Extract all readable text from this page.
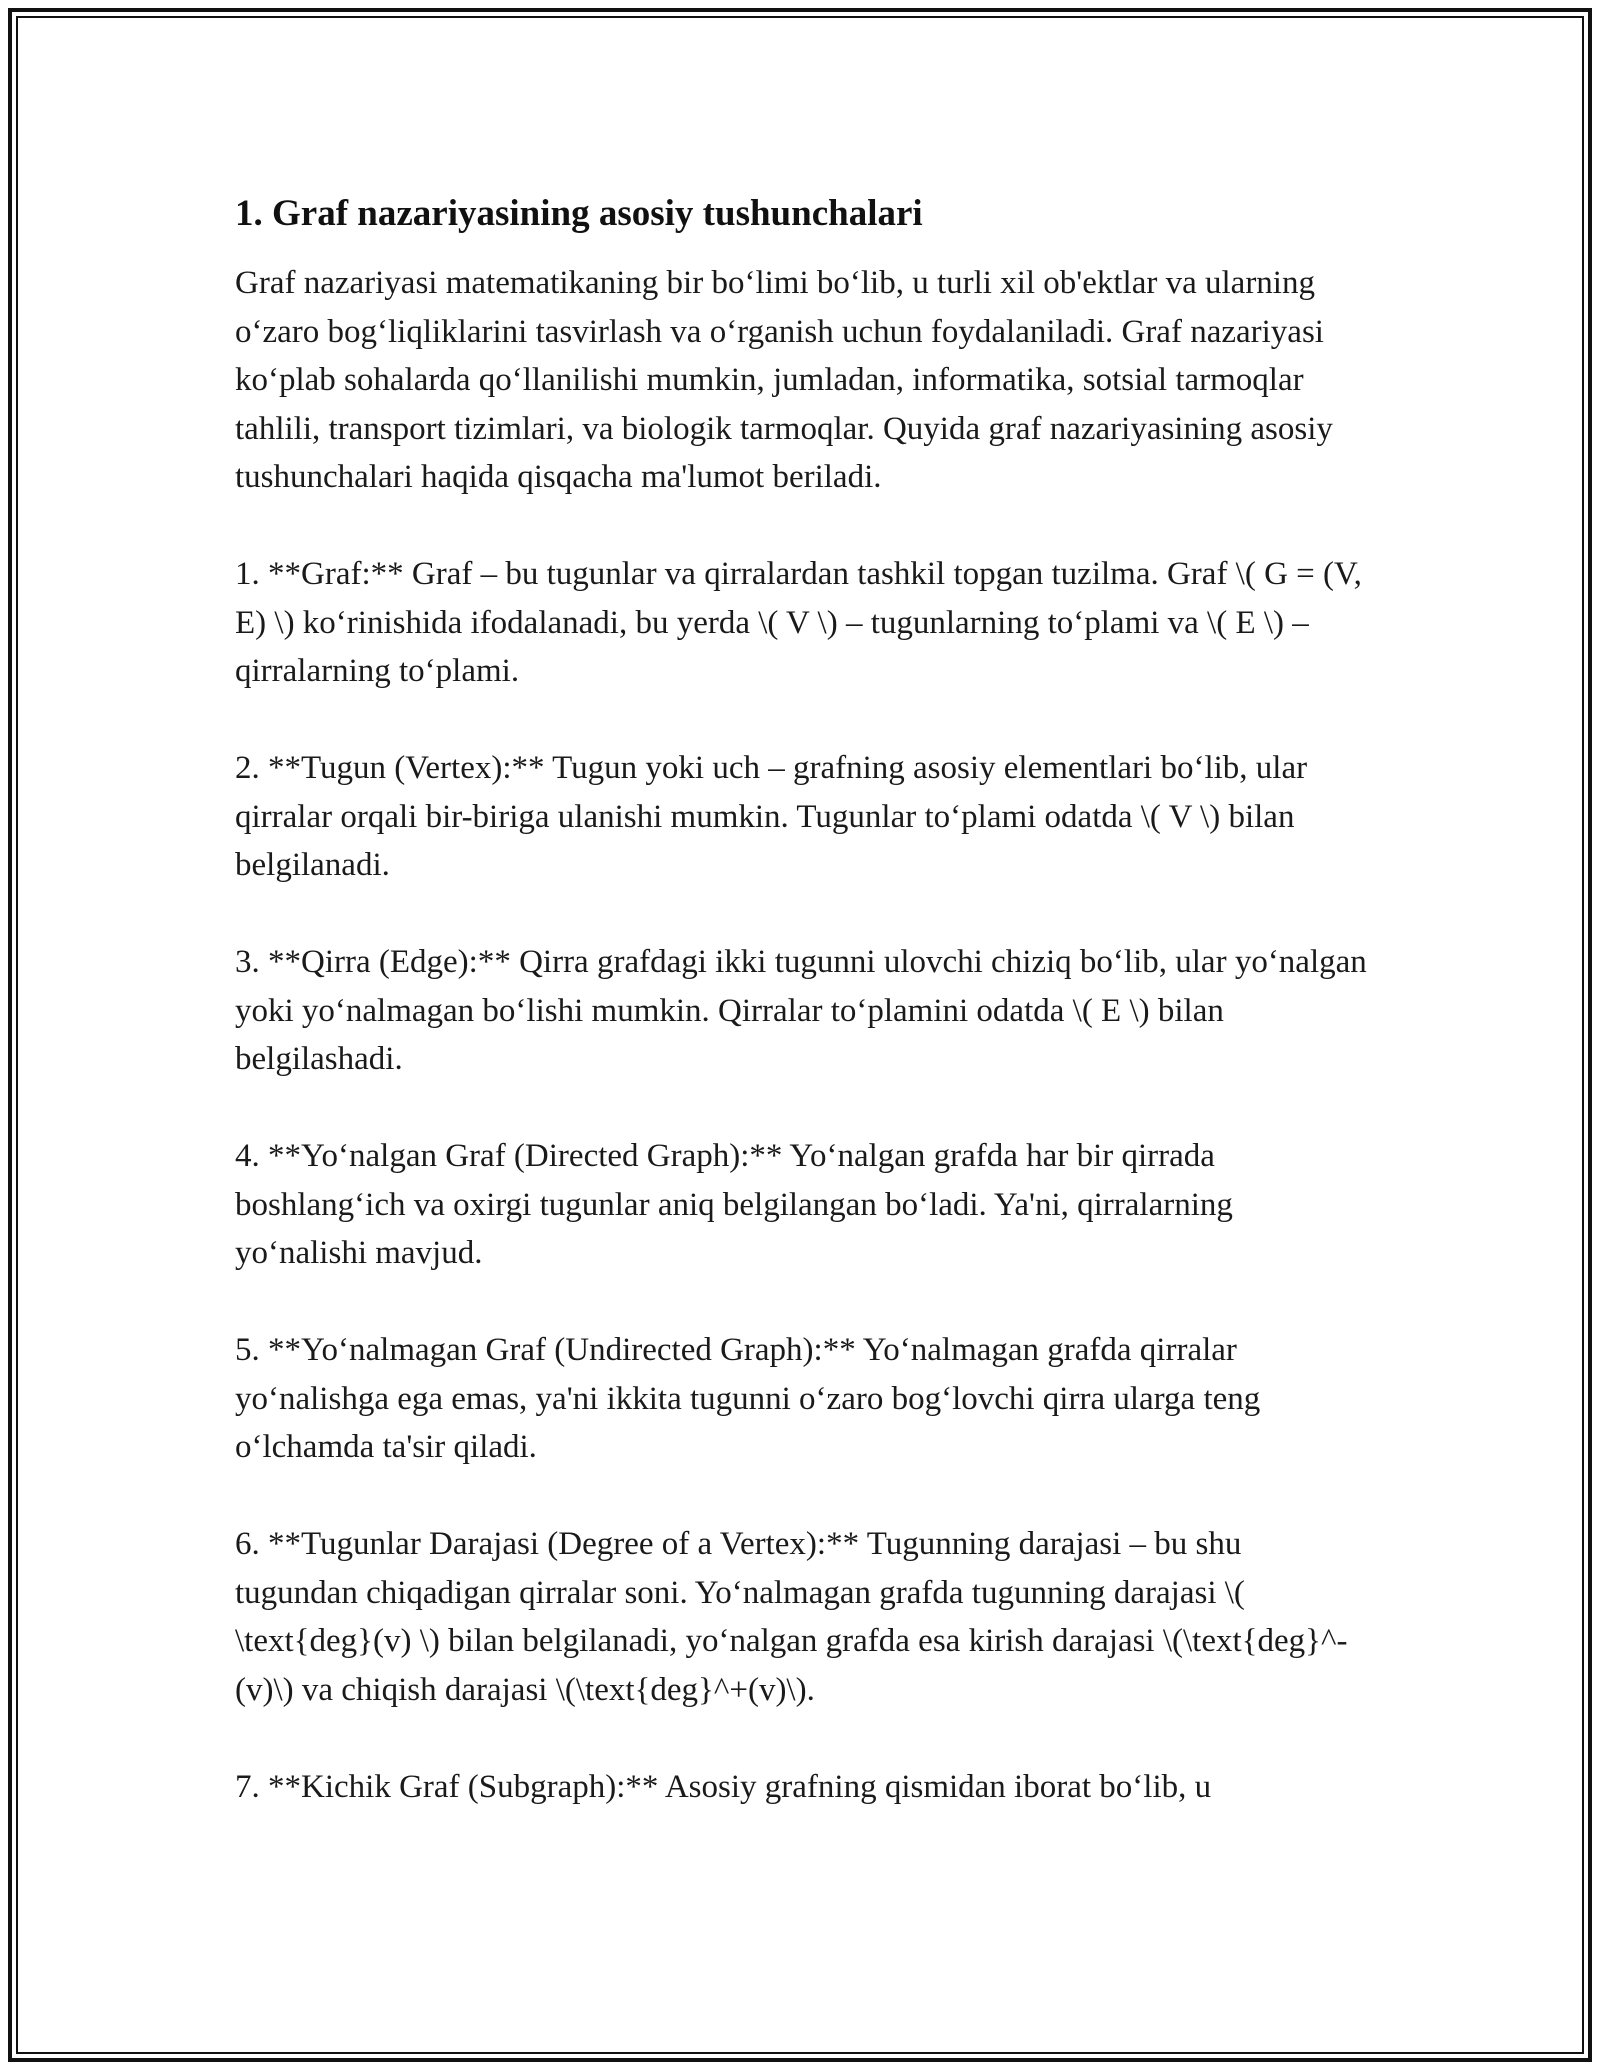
1. Graf nazariyasining asosiy tushunchalari

Graf nazariyasi matematikaning bir bo‘limi bo‘lib, u turli xil ob'ektlar va ularning o‘zaro bog‘liqliklarini tasvirlash va o‘rganish uchun foydalaniladi. Graf nazariyasi ko‘plab sohalarda qo‘llanilishi mumkin, jumladan, informatika, sotsial tarmoqlar tahlili, transport tizimlari, va biologik tarmoqlar. Quyida graf nazariyasining asosiy tushunchalari haqida qisqacha ma'lumot beriladi.

1. **Graf:** Graf – bu tugunlar va qirralardan tashkil topgan tuzilma. Graf \( G = (V, E) \) ko‘rinishida ifodalanadi, bu yerda \( V \) – tugunlarning to‘plami va \( E \) – qirralarning to‘plami.

2. **Tugun (Vertex):** Tugun yoki uch – grafning asosiy elementlari bo‘lib, ular qirralar orqali bir-biriga ulanishi mumkin. Tugunlar to‘plami odatda \( V \) bilan belgilanadi.

3. **Qirra (Edge):** Qirra grafdagi ikki tugunni ulovchi chiziq bo‘lib, ular yo‘nalgan yoki yo‘nalmagan bo‘lishi mumkin. Qirralar to‘plamini odatda \( E \) bilan belgilashadi.

4. **Yo‘nalgan Graf (Directed Graph):** Yo‘nalgan grafda har bir qirrada boshlang‘ich va oxirgi tugunlar aniq belgilangan bo‘ladi. Ya'ni, qirralarning yo‘nalishi mavjud.

5. **Yo‘nalmagan Graf (Undirected Graph):** Yo‘nalmagan grafda qirralar yo‘nalishga ega emas, ya'ni ikkita tugunni o‘zaro bog‘lovchi qirra ularga teng o‘lchamda ta'sir qiladi.

6. **Tugunlar Darajasi (Degree of a Vertex):** Tugunning darajasi – bu shu tugundan chiqadigan qirralar soni. Yo‘nalmagan grafda tugunning darajasi \( \text{deg}(v) \) bilan belgilanadi, yo‘nalgan grafda esa kirish darajasi \(\text{deg}^-(v)\) va chiqish darajasi \(\text{deg}^+(v)\).

7. **Kichik Graf (Subgraph):** Asosiy grafning qismidan iborat bo‘lib, u
